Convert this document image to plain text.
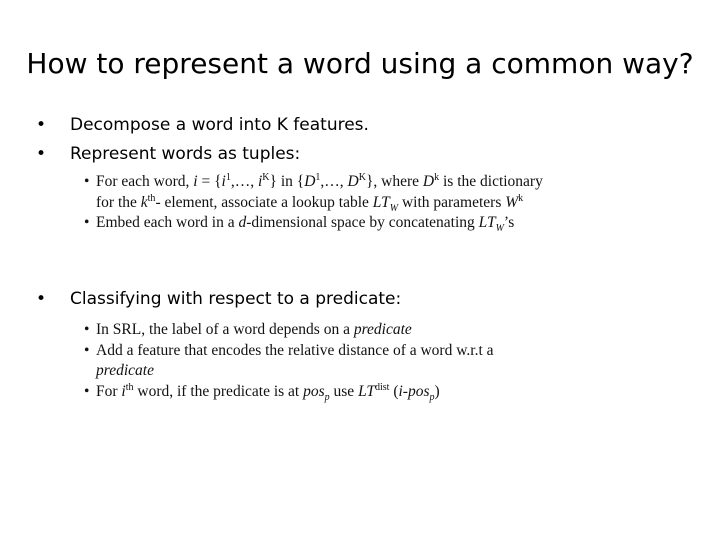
How to represent a word using a common way?
• Decompose a word into K features.
• Represent words as tuples:
• For each word, $i = \{i^1,\dots$, $i^K$} in {$D^1,\dots$, $D^K$}, where $D^k$ is the dictionary for the $k^{th}-$ element, associate a lookup table $LT_W$ with parameters $W^k$
• Embed each word in a d-dimensional space by concatenating $LT_W’s$
• Classifying with respect to a predicate:
• In SRL, the label of a word depends on a predicate
• Add a feature that encodes the relative distance of a word w.r.t a predicate
• For $i^{th}$ word, if the predicate is at pos$_p$ use $LT^{dist}$ (i-pos$_p$)
